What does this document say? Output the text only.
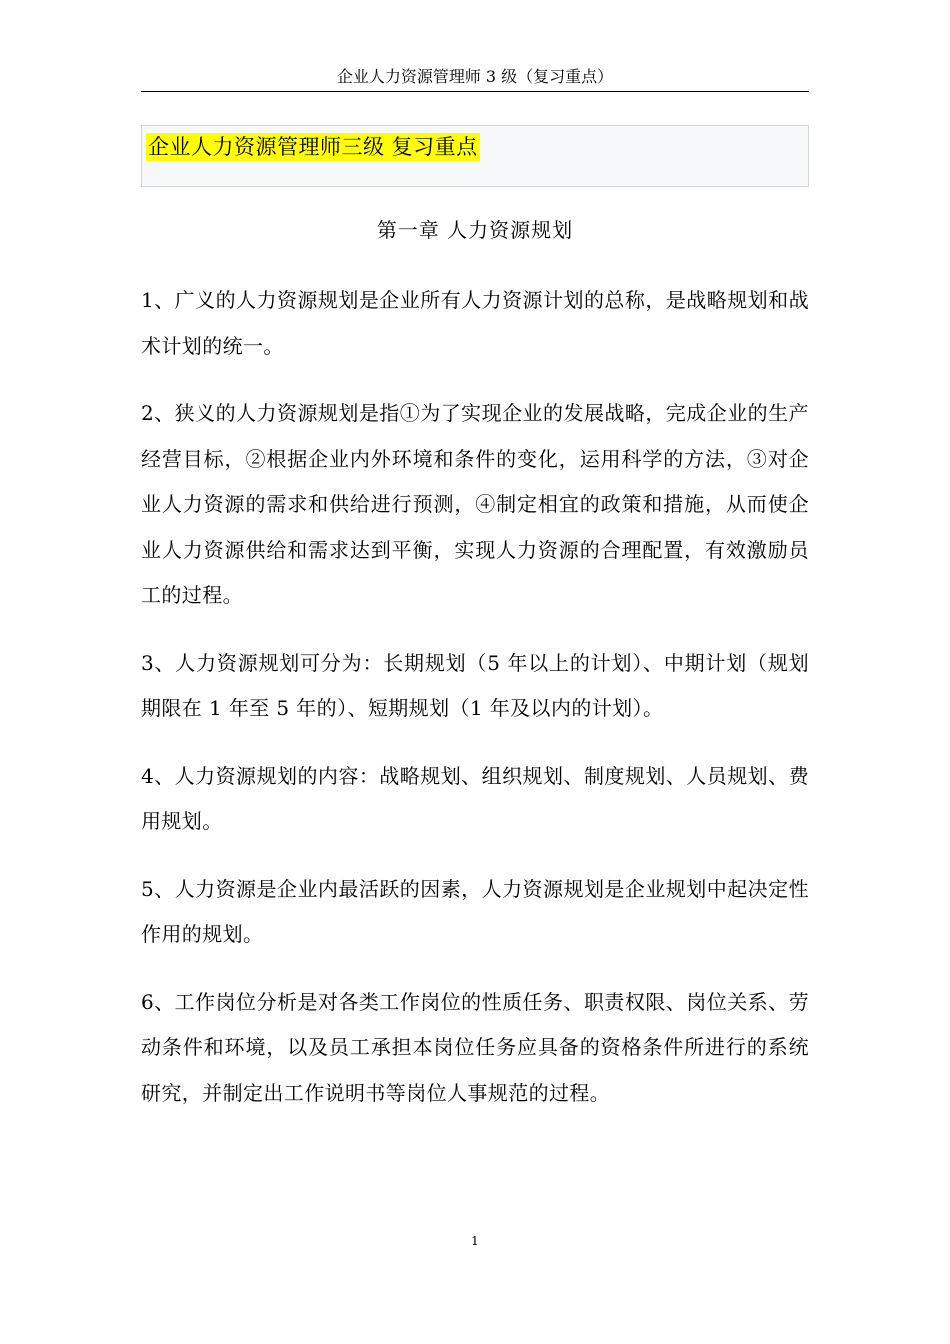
企业人力资源管理师 3 级（复习重点）
企业人力资源管理师三级 复习重点
第一章 人力资源规划

1、广义的人力资源规划是企业所有人力资源计划的总称，是战略规划和战术计划的统一。

2、狭义的人力资源规划是指①为了实现企业的发展战略，完成企业的生产经营目标，②根据企业内外环境和条件的变化，运用科学的方法，③对企业人力资源的需求和供给进行预测，④制定相宜的政策和措施，从而使企业人力资源供给和需求达到平衡，实现人力资源的合理配置，有效激励员工的过程。

3、人力资源规划可分为：长期规划（5 年以上的计划）、中期计划（规划期限在 1 年至 5 年的）、短期规划（1 年及以内的计划）。

4、人力资源规划的内容：战略规划、组织规划、制度规划、人员规划、费用规划。

5、人力资源是企业内最活跃的因素，人力资源规划是企业规划中起决定性作用的规划。

6、工作岗位分析是对各类工作岗位的性质任务、职责权限、岗位关系、劳动条件和环境，以及员工承担本岗位任务应具备的资格条件所进行的系统研究，并制定出工作说明书等岗位人事规范的过程。

1
